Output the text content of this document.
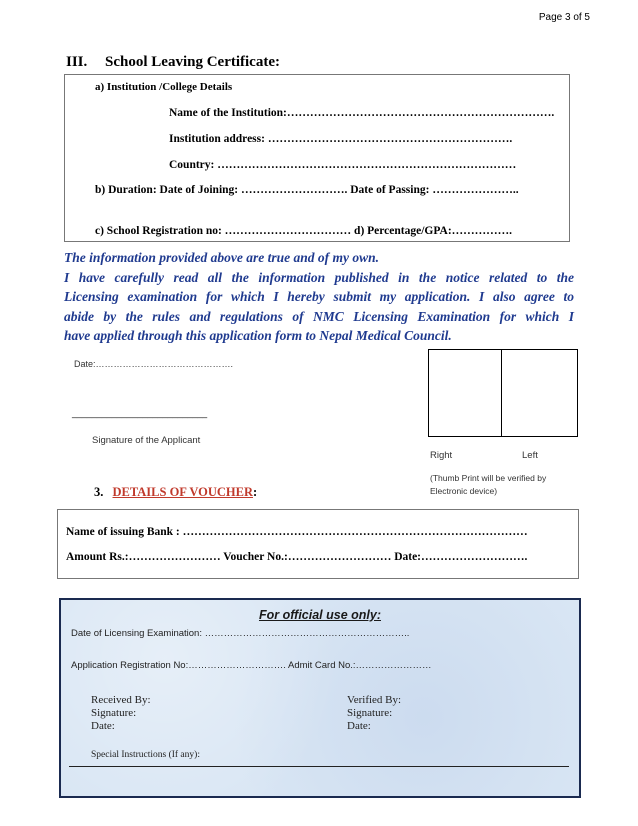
Page 3 of 5
III. School Leaving Certificate:
a) Institution /College Details
Name of the Institution:…………………………………………………………….
Institution address: ……………………………………………………….
Country: ……………………………………………………………………
b) Duration: Date of Joining: ………………………. Date of Passing: …………………..
c) School Registration no: …………………………… d) Percentage/GPA:…………….
The information provided above are true and of my own.
I have carefully read all the information published in the notice related to the
Licensing examination for which I hereby submit my application. I also agree to
abide by the rules and regulations of NMC Licensing Examination for which I
have applied through this application form to Nepal Medical Council.
Date:……………………………………….
___________________________
Signature of the Applicant
Right	Left
(Thumb Print will be verified by
Electronic device)
3. DETAILS OF VOUCHER:
Name of issuing Bank : ………………………………………………………………………………
Amount Rs.:…………………… Voucher No.:……………………… Date:……………………….
For official use only:
Date of Licensing Examination: ………………………………………………………..
Application Registration No:…………………………. Admit Card No.:……………………
Received By:
Signature:
Date:
Verified By:
Signature:
Date:
Special Instructions (If any):
